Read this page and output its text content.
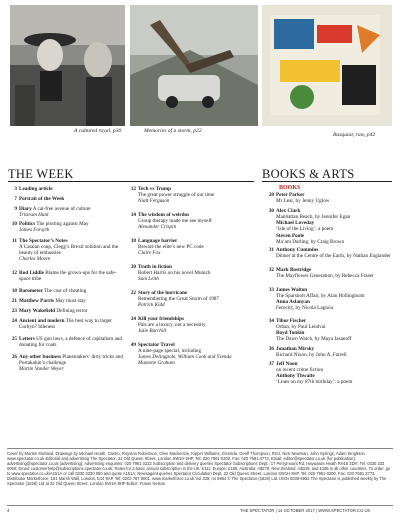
A cultured royal, p30	Memories of a storm, p22
Basquiat, raw, p42
THE WEEK	BOOKS & ARTS
3 Leading article
7 Portrait of the Week
9 Diary A cat-free avenue of culture
Tristram Hunt
10 Politics The plotting against May
James Forsyth
11 The Spectator’s Notes
A Catalan coup, Clegg’s Brexit solution and the beauty of embassies
Charles Moore
12 Rod Liddle Blame the grown-ups for the safe-space tribe
18 Barometer The cost of cheating
21 Matthew Parris May must stay
23 Mary Wakefield Defining terror
24 Ancient and modern The best way to target Corbyn? Idleness
25 Letters US gun laws, a defence of capitalism and donating fur coats
26 Any other business Planemakers’ dirty tricks and Portakabin’s challenge
Martin Vander Weyer
12 Tech vs Trump
The great power struggle of our time
Niall Ferguson
14 The wisdom of weirdos
Group therapy made me see myself
Alexander Crispin
18 Language barrier
Beware the elite’s new PC code
Claire Fox
20 Truth in fiction
Robert Harris on his novel Munich
Sam Leith
22 Story of the hurricane
Remembering the Great Storm of 1987
Patrick Kidd
24 Kill your friendships
Pals are a luxury, not a necessity
Julie Burchill
49 Spectator Travel
A nine-page special, including
James Delingpole, William Cook and Ysenda Maxtone Graham
BOOKS
28 Peter Parker
Mr Lear, by Jenny Uglow
30 Alex Clark
Manhattan Beach, by Jennifer Egan
Michael Loveday
‘Isle of the Living’: a poem
Steven Poole
Ma’am Darling, by Craig Brown
31 Anthony Cummins
Dinner at the Centre of the Earth, by Nathan Englander
32 Mark Bostridge
The Mayflower Generation, by Rebecca Fraser
33 James Walton
The Sparsholt Affair, by Alan Hollinghurst
Anna Aslanyan
Ferocity, by Nicola Lagioia
34 Tibor Fischer
Orban, by Paul Lendvai
Boyd Tonkin
The Dawn Watch, by Maya Jasanoff
36 Jonathan Mirsky
Richard Nixon, by John A. Farrell
37 Jeff Noon
on recent crime fiction
Anthony Thwaite
‘Lines on my 87th birthday’: a poem
Cover by Morten Morland. Drawings by Michael Heath, Castro, Royston Robertson, Clive Mackenzie, Kipper Williams, Grizelda, Geoff Thompson, RGJ, Nick Newman, John Springs, Adam Singleton www.spectator.co.uk Editorial and advertising The Spectator, 22 Old Queen Street, London SW1H 9HP, Tel: 020 7961 0200, Fax: 020 7681 3773, Email: editor@spectator.co.uk (for publication); advertising@spectator.co.uk (advertising); Advertising enquiries: 020 7961 0222 Subscription and delivery queries Spectator Subscriptions Dept., 17 Perrymount Rd, Haywards Heath RH16 3DH; Tel: 0330 333 0050; Email: customerhelp@subscriptions.spectator.co.uk; Rates for a basic annual subscription in the UK: £111; Europe: £185; Australia: A$279; New Zealand: A$349; and £195 in all other countries. To order, go to www.spectator.co.uk/A151A or call 0330 3330 050 and quote A151A; Newsagent queries Spectator Circulation Dept, 22 Old Queen Street, London SW1H 9HP, Tel: 020 7961 0200, Fax: 020 7681 3773. Distributor Marketforce, 161 Marsh Wall, London, E14 9AP. Tel: 0203 787 9001. www.marketforce.co.uk Vol 335; no 9864 © The Spectator (1828) Ltd. ISSN 0038-6952 The Spectator is published weekly by The Spectator (1828) Ltd at 22 Old Queen Street, London SW1H 9HP Editor: Fraser Nelson
4	THE SPECTATOR | 14 OCTOBER 2017 | WWW.SPECTATOR.CO.UK
